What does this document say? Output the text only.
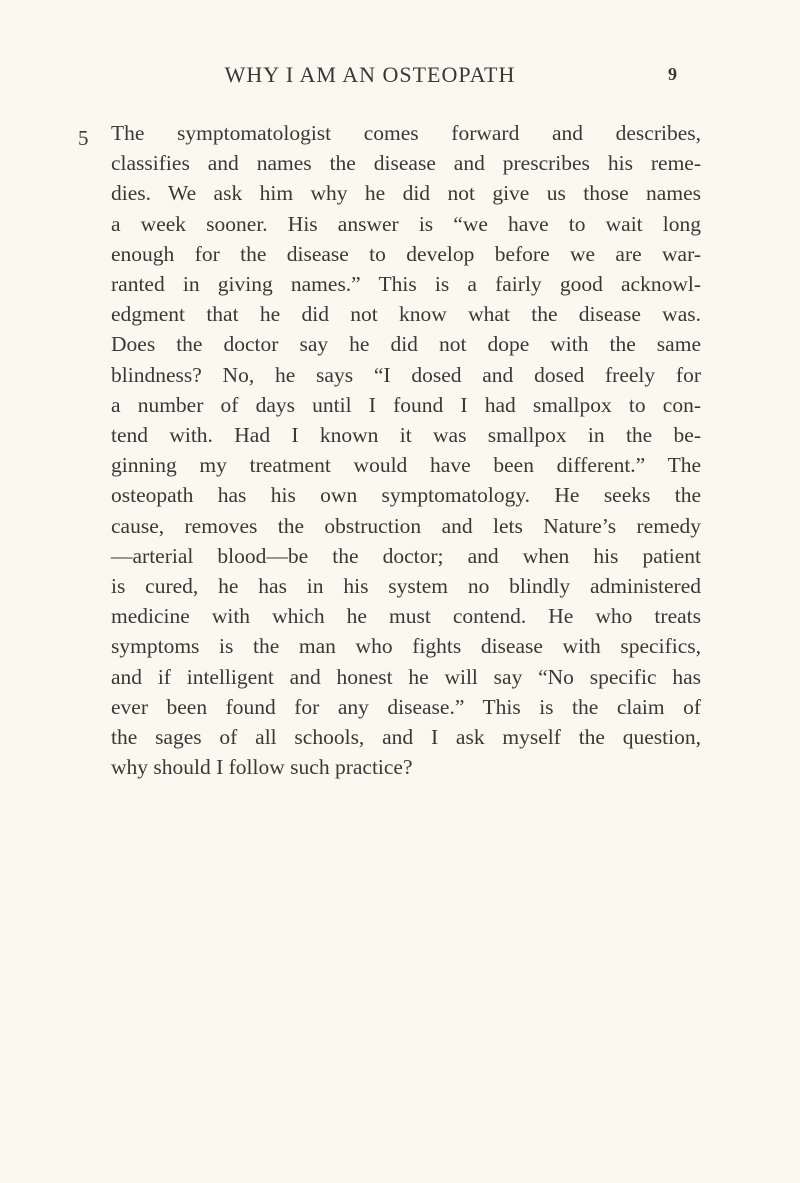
WHY I AM AN OSTEOPATH	9
5 The symptomatologist comes forward and describes,
classifies and names the disease and prescribes his reme-
dies. We ask him why he did not give us those names
a week sooner. His answer is “we have to wait long
enough for the disease to develop before we are war-
ranted in giving names.” This is a fairly good acknowl-
edgment that he did not know what the disease was.
Does the doctor say he did not dope with the same
blindness? No, he says “I dosed and dosed freely for
a number of days until I found I had smallpox to con-
tend with. Had I known it was smallpox in the be-
ginning my treatment would have been different.” The
osteopath has his own symptomatology. He seeks the
cause, removes the obstruction and lets Nature’s remedy
—arterial blood—be the doctor; and when his patient
is cured, he has in his system no blindly administered
medicine with which he must contend. He who treats
symptoms is the man who fights disease with specifics,
and if intelligent and honest he will say “No specific has
ever been found for any disease.” This is the claim of
the sages of all schools, and I ask myself the question,
why should I follow such practice?
